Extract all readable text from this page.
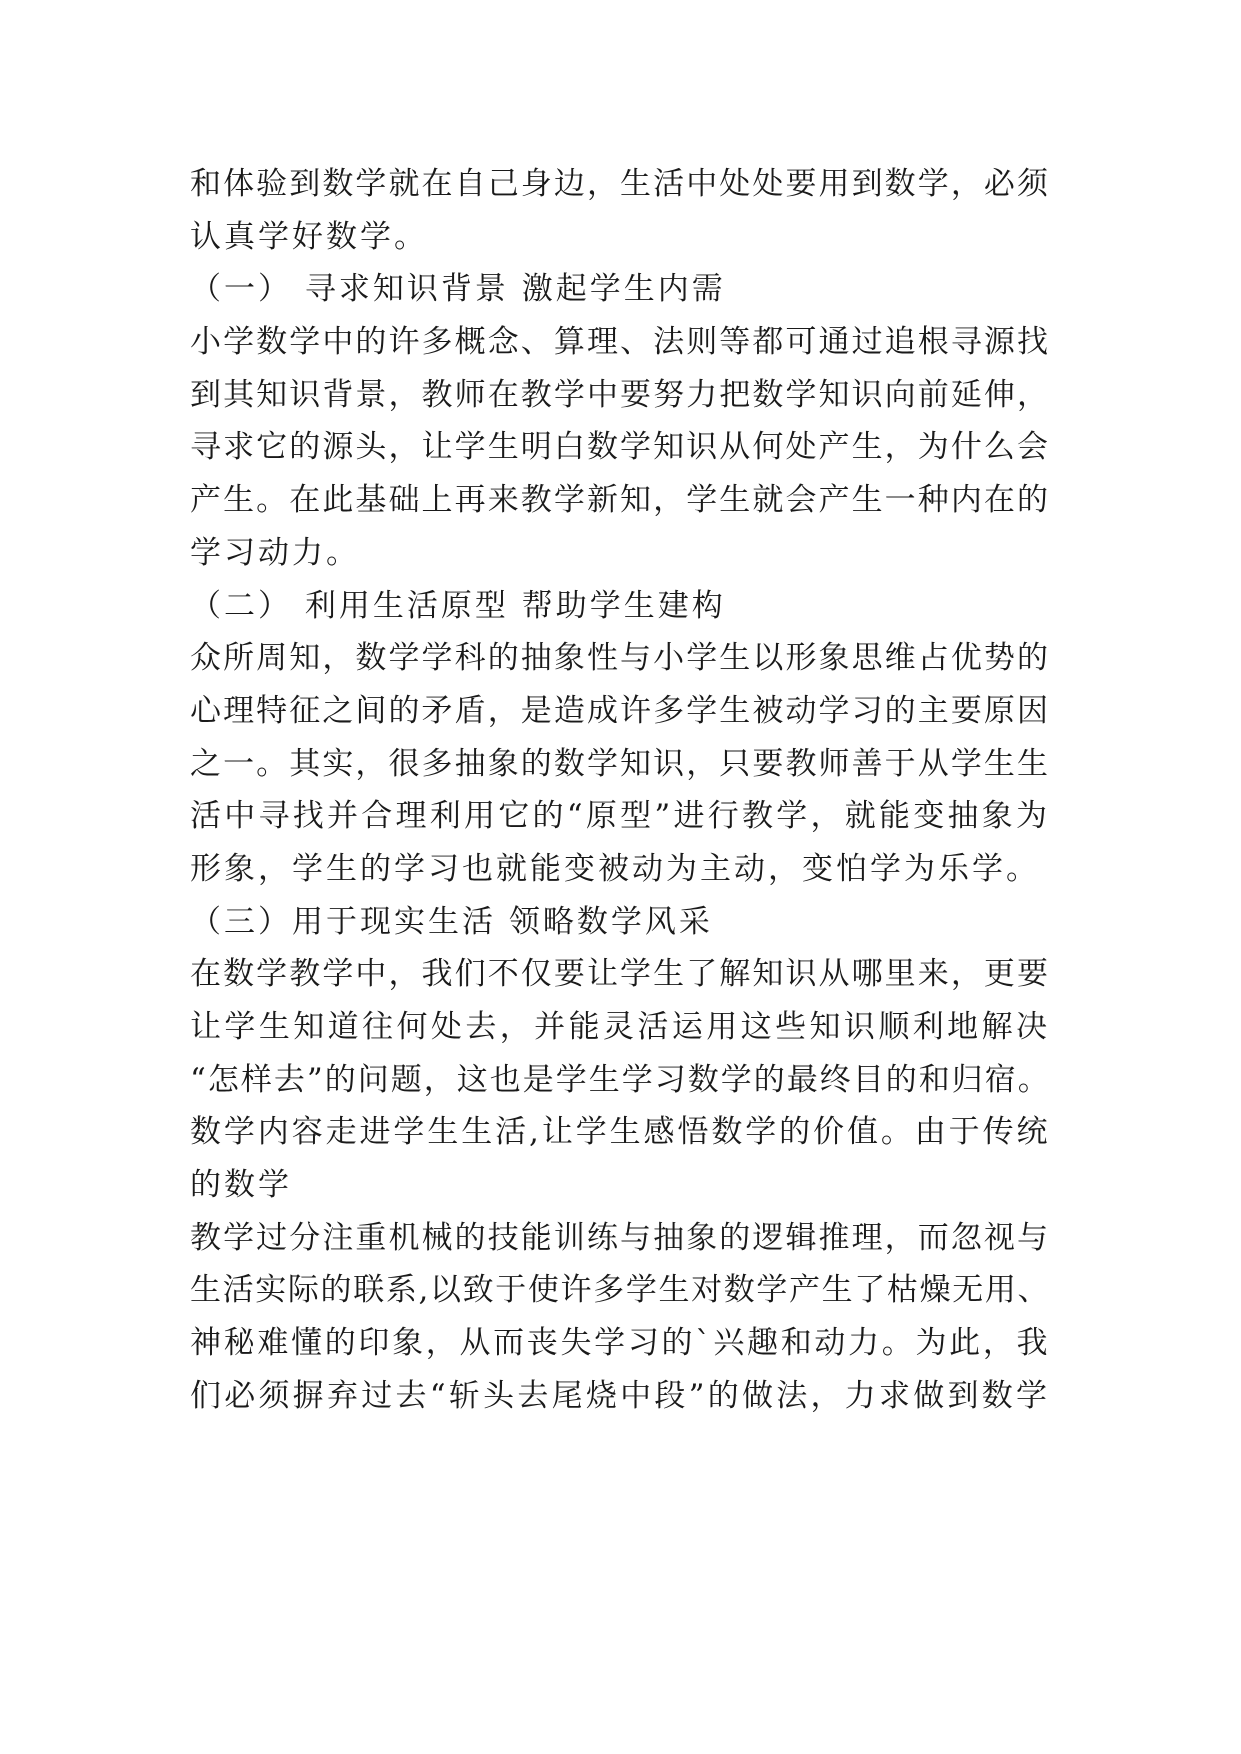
和体验到数学就在自己身边，生活中处处要用到数学，必须
认真学好数学。
（一） 寻求知识背景 激起学生内需
小学数学中的许多概念、算理、法则等都可通过追根寻源找
到其知识背景，教师在教学中要努力把数学知识向前延伸，
寻求它的源头，让学生明白数学知识从何处产生，为什么会
产生。在此基础上再来教学新知，学生就会产生一种内在的
学习动力。
（二） 利用生活原型 帮助学生建构
众所周知，数学学科的抽象性与小学生以形象思维占优势的
心理特征之间的矛盾，是造成许多学生被动学习的主要原因
之一。其实，很多抽象的数学知识，只要教师善于从学生生
活中寻找并合理利用它的“原型”进行教学，就能变抽象为
形象，学生的学习也就能变被动为主动，变怕学为乐学。
（三）用于现实生活 领略数学风采
在数学教学中，我们不仅要让学生了解知识从哪里来，更要
让学生知道往何处去，并能灵活运用这些知识顺利地解决
“怎样去”的问题，这也是学生学习数学的最终目的和归宿。
数学内容走进学生生活,让学生感悟数学的价值。由于传统
的数学
教学过分注重机械的技能训练与抽象的逻辑推理，而忽视与
生活实际的联系,以致于使许多学生对数学产生了枯燥无用、
神秘难懂的印象，从而丧失学习的`兴趣和动力。为此，我
们必须摒弃过去“斩头去尾烧中段”的做法，力求做到数学
